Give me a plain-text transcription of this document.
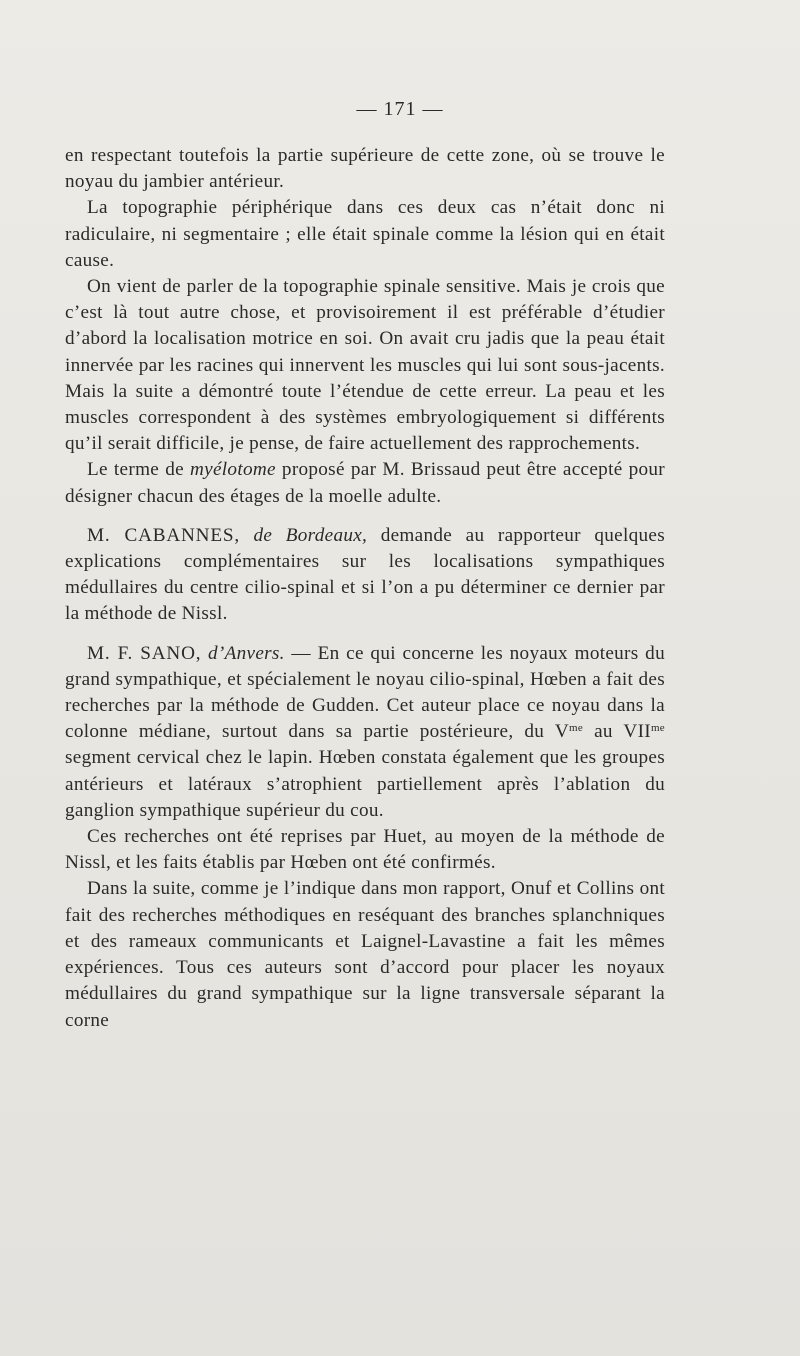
— 171 —

en respectant toutefois la partie supérieure de cette zone, où se trouve le noyau du jambier antérieur.

La topographie périphérique dans ces deux cas n’était donc ni radiculaire, ni segmentaire ; elle était spinale comme la lésion qui en était cause.

On vient de parler de la topographie spinale sensitive. Mais je crois que c’est là tout autre chose, et provisoirement il est préférable d’étudier d’abord la localisation motrice en soi. On avait cru jadis que la peau était innervée par les racines qui innervent les muscles qui lui sont sous-jacents. Mais la suite a démontré toute l’étendue de cette erreur. La peau et les muscles correspondent à des systèmes embryologiquement si différents qu’il serait difficile, je pense, de faire actuellement des rapprochements.

Le terme de myélotome proposé par M. Brissaud peut être accepté pour désigner chacun des étages de la moelle adulte.

M. CABANNES, de Bordeaux, demande au rapporteur quelques explications complémentaires sur les localisations sympathiques médullaires du centre cilio-spinal et si l’on a pu déterminer ce dernier par la méthode de Nissl.

M. F. SANO, d’Anvers. — En ce qui concerne les noyaux moteurs du grand sympathique, et spécialement le noyau cilio-spinal, Hœben a fait des recherches par la méthode de Gudden. Cet auteur place ce noyau dans la colonne médiane, surtout dans sa partie postérieure, du $V^{me}$ au $VII^{me}$ segment cervical chez le lapin. Hœben constata également que les groupes antérieurs et latéraux s’atrophient partiellement après l’ablation du ganglion sympathique supérieur du cou.

Ces recherches ont été reprises par Huet, au moyen de la méthode de Nissl, et les faits établis par Hœben ont été confirmés.

Dans la suite, comme je l’indique dans mon rapport, Onuf et Collins ont fait des recherches méthodiques en reséquant des branches splanchniques et des rameaux communicants et Laignel-Lavastine a fait les mêmes expériences. Tous ces auteurs sont d’accord pour placer les noyaux médullaires du grand sympathique sur la ligne transversale séparant la corne
